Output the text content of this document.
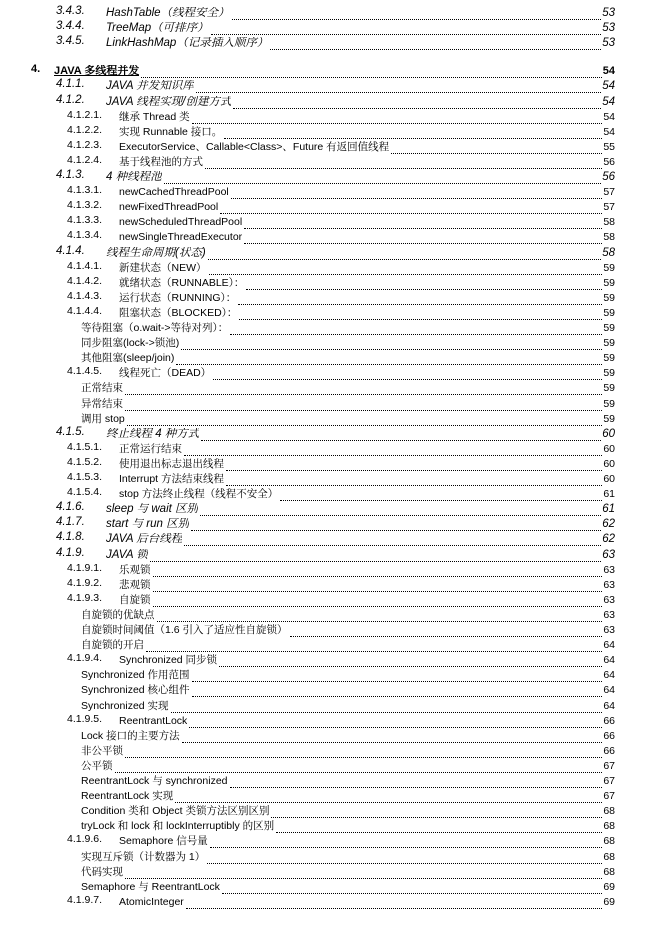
3.4.3. HashTable（线程安全）	53
3.4.4. TreeMap（可排序）	53
3.4.5. LinkHashMap（记录插入顺序）	53
4. JAVA 多线程并发	54
4.1.1. JAVA 并发知识库	54
4.1.2. JAVA 线程实现/创建方式	54
4.1.2.1. 继承 Thread 类	54
4.1.2.2. 实现 Runnable 接口。	54
4.1.2.3. ExecutorService、Callable<Class>、Future 有返回值线程	55
4.1.2.4. 基于线程池的方式	56
4.1.3. 4 种线程池	56
4.1.3.1. newCachedThreadPool	57
4.1.3.2. newFixedThreadPool	57
4.1.3.3. newScheduledThreadPool	58
4.1.3.4. newSingleThreadExecutor	58
4.1.4. 线程生命周期(状态)	58
4.1.4.1. 新建状态（NEW）	59
4.1.4.2. 就绪状态（RUNNABLE）：	59
4.1.4.3. 运行状态（RUNNING）：	59
4.1.4.4. 阻塞状态（BLOCKED）：	59
等待阻塞（o.wait->等待对列）：	59
同步阻塞(lock->锁池)	59
其他阻塞(sleep/join)	59
4.1.4.5. 线程死亡（DEAD）	59
正常结束	59
异常结束	59
调用 stop	59
4.1.5. 终止线程 4 种方式	60
4.1.5.1. 正常运行结束	60
4.1.5.2. 使用退出标志退出线程	60
4.1.5.3. Interrupt 方法结束线程	60
4.1.5.4. stop 方法终止线程（线程不安全）	61
4.1.6. sleep 与 wait 区别	61
4.1.7. start 与 run 区别	62
4.1.8. JAVA 后台线程	62
4.1.9. JAVA 锁	63
4.1.9.1. 乐观锁	63
4.1.9.2. 悲观锁	63
4.1.9.3. 自旋锁	63
自旋锁的优缺点	63
自旋锁时间阈值（1.6 引入了适应性自旋锁）	63
自旋锁的开启	64
4.1.9.4. Synchronized 同步锁	64
Synchronized 作用范围	64
Synchronized 核心组件	64
Synchronized 实现	64
4.1.9.5. ReentrantLock	66
Lock 接口的主要方法	66
非公平锁	66
公平锁	67
ReentrantLock 与 synchronized	67
ReentrantLock 实现	67
Condition 类和 Object 类锁方法区别区别	68
tryLock 和 lock 和 lockInterruptibly 的区别	68
4.1.9.6. Semaphore 信号量	68
实现互斥锁（计数器为 1）	68
代码实现	68
Semaphore 与 ReentrantLock	69
4.1.9.7. AtomicInteger	69
